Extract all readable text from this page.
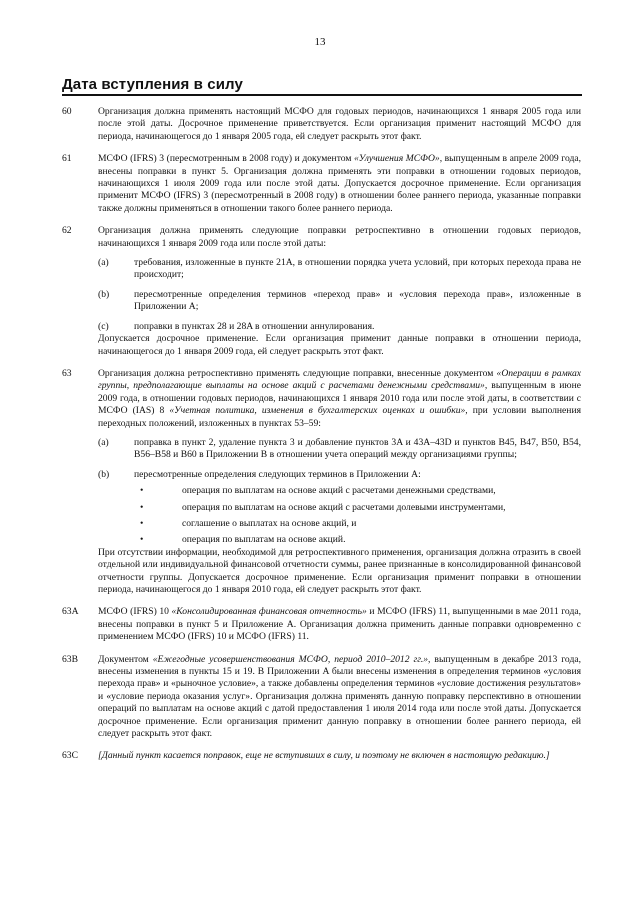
13
Дата вступления в силу
60	Организация должна применять настоящий МСФО для годовых периодов, начинающихся 1 января 2005 года или после этой даты. Досрочное применение приветствуется. Если организация применит настоящий МСФО для периода, начинающегося до 1 января 2005 года, ей следует раскрыть этот факт.

61	МСФО (IFRS) 3 (пересмотренным в 2008 году) и документом «Улучшения МСФО», выпущенным в апреле 2009 года, внесены поправки в пункт 5. Организация должна применять эти поправки в отношении годовых периодов, начинающихся 1 июля 2009 года или после этой даты. Допускается досрочное применение. Если организация применит МСФО (IFRS) 3 (пересмотренный в 2008 году) в отношении более раннего периода, указанные поправки также должны применяться в отношении такого более раннего периода.

62	Организация должна применять следующие поправки ретроспективно в отношении годовых периодов, начинающихся 1 января 2009 года или после этой даты:

(a)	требования, изложенные в пункте 21A, в отношении порядка учета условий, при которых перехода права не происходит;
(b)	пересмотренные определения терминов «переход прав» и «условия перехода прав», изложенные в Приложении A;
(c)	поправки в пунктах 28 и 28A в отношении аннулирования.

Допускается досрочное применение. Если организация применит данные поправки в отношении периода, начинающегося до 1 января 2009 года, ей следует раскрыть этот факт.

63	Организация должна ретроспективно применять следующие поправки, внесенные документом «Операции в рамках группы, предполагающие выплаты на основе акций с расчетами денежными средствами», выпущенным в июне 2009 года, в отношении годовых периодов, начинающихся 1 января 2010 года или после этой даты, в соответствии с МСФО (IAS) 8 «Учетная политика, изменения в бухгалтерских оценках и ошибки», при условии выполнения переходных положений, изложенных в пунктах 53–59:

(a)	поправка в пункт 2, удаление пункта 3 и добавление пунктов 3A и 43A–43D и пунктов B45, B47, B50, B54, B56–B58 и B60 в Приложении B в отношении учета операций между организациями группы;
(b)	пересмотренные определения следующих терминов в Приложении A:
•	операция по выплатам на основе акций с расчетами денежными средствами,
•	операция по выплатам на основе акций с расчетами долевыми инструментами,
•	соглашение о выплатах на основе акций, и
•	операция по выплатам на основе акций.

При отсутствии информации, необходимой для ретроспективного применения, организация должна отразить в своей отдельной или индивидуальной финансовой отчетности суммы, ранее признанные в консолидированной финансовой отчетности группы. Допускается досрочное применение. Если организация применит поправки в отношении периода, начинающегося до 1 января 2010 года, ей следует раскрыть этот факт.

63A	МСФО (IFRS) 10 «Консолидированная финансовая отчетность» и МСФО (IFRS) 11, выпущенными в мае 2011 года, внесены поправки в пункт 5 и Приложение A. Организация должна применить данные поправки одновременно с применением МСФО (IFRS) 10 и МСФО (IFRS) 11.

63B	Документом «Ежегодные усовершенствования МСФО, период 2010–2012 гг.», выпущенным в декабре 2013 года, внесены изменения в пункты 15 и 19. В Приложении A были внесены изменения в определения терминов «условия перехода прав» и «рыночное условие», а также добавлены определения терминов «условие достижения результатов» и «условие периода оказания услуг». Организация должна применять данную поправку перспективно в отношении операций по выплатам на основе акций с датой предоставления 1 июля 2014 года или после этой даты. Допускается досрочное применение. Если организация применит данную поправку в отношении более раннего периода, ей следует раскрыть этот факт.

63C	[Данный пункт касается поправок, еще не вступивших в силу, и поэтому не включен в настоящую редакцию.]
